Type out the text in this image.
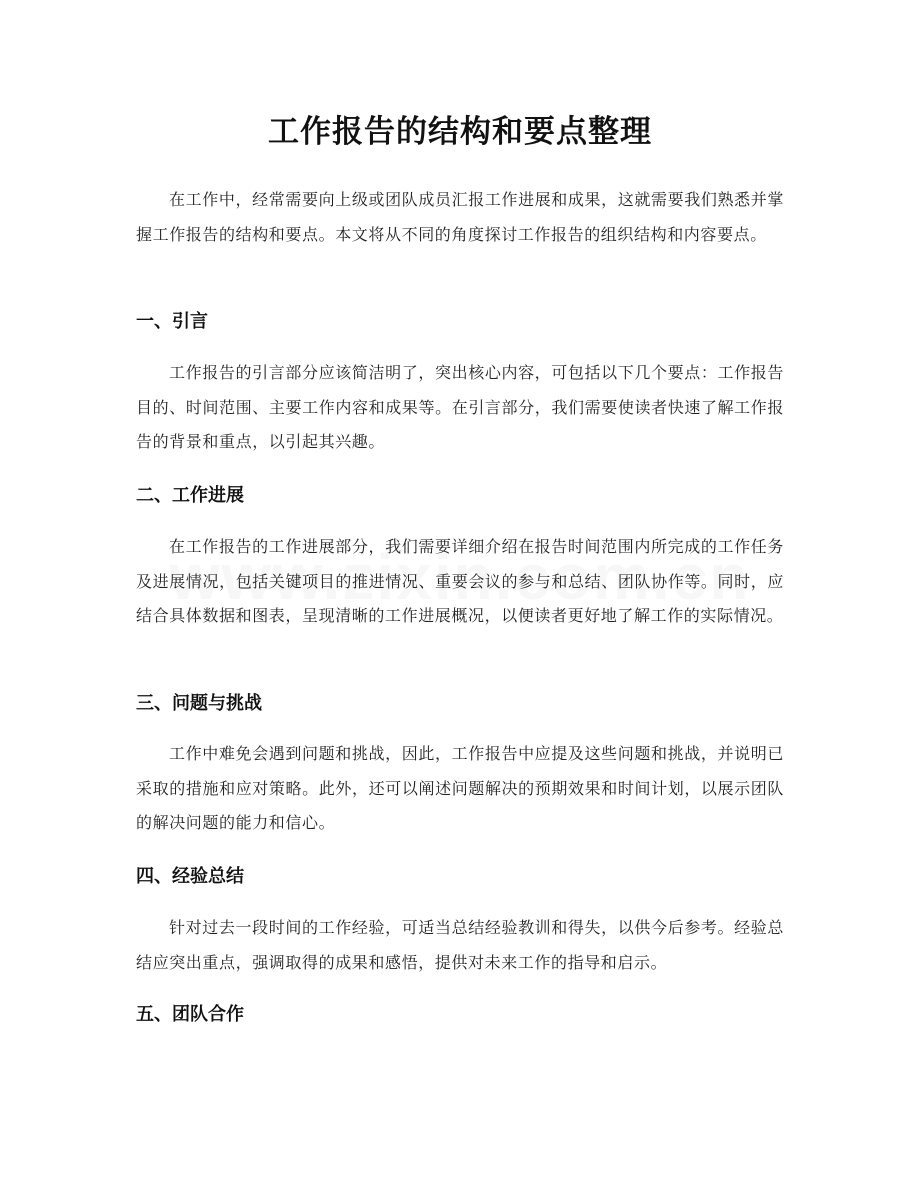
工作报告的结构和要点整理

在工作中，经常需要向上级或团队成员汇报工作进展和成果，这就需要我们熟悉并掌握工作报告的结构和要点。本文将从不同的角度探讨工作报告的组织结构和内容要点。

一、引言

工作报告的引言部分应该简洁明了，突出核心内容，可包括以下几个要点：工作报告目的、时间范围、主要工作内容和成果等。在引言部分，我们需要使读者快速了解工作报告的背景和重点，以引起其兴趣。

二、工作进展

在工作报告的工作进展部分，我们需要详细介绍在报告时间范围内所完成的工作任务及进展情况，包括关键项目的推进情况、重要会议的参与和总结、团队协作等。同时，应结合具体数据和图表，呈现清晰的工作进展概况，以便读者更好地了解工作的实际情况。

三、问题与挑战

工作中难免会遇到问题和挑战，因此，工作报告中应提及这些问题和挑战，并说明已采取的措施和应对策略。此外，还可以阐述问题解决的预期效果和时间计划，以展示团队的解决问题的能力和信心。

四、经验总结

针对过去一段时间的工作经验，可适当总结经验教训和得失，以供今后参考。经验总结应突出重点，强调取得的成果和感悟，提供对未来工作的指导和启示。

五、团队合作
